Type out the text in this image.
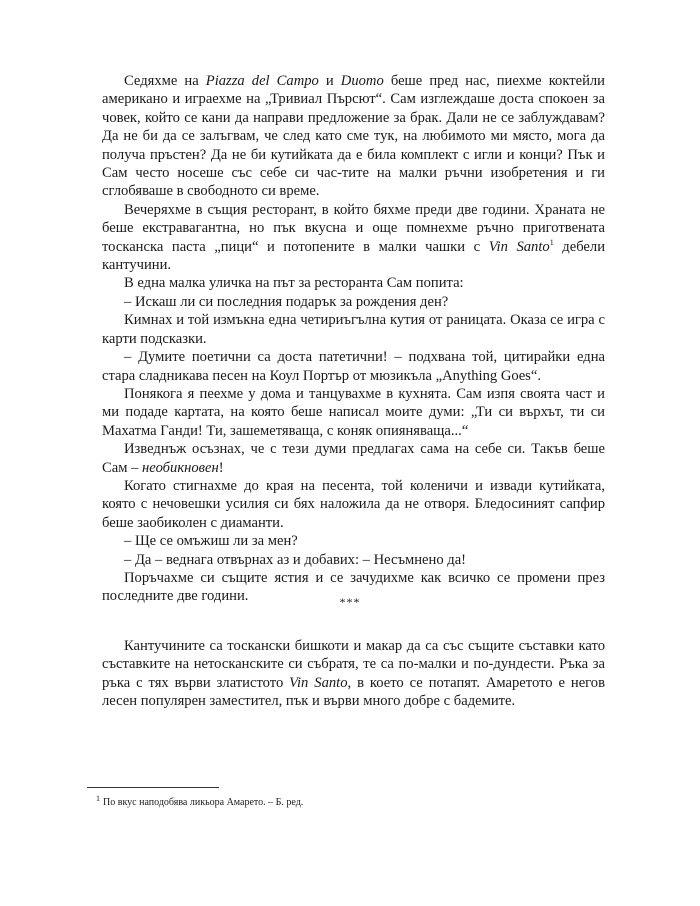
Седяхме на Piazza del Campo и Duomo беше пред нас, пиехме коктейли американо и играехме на „Тривиал Пърсют“. Сам изглеждаше доста спокоен за човек, който се кани да направи предложение за брак. Дали не се заблуждавам? Да не би да се залъгвам, че след като сме тук, на любимото ми място, мога да получа пръстен? Да не би кутийката да е била комплект с игли и конци? Пък и Сам често носеше със себе си час-тите на малки ръчни изобретения и ги сглобяваше в свободното си време.

Вечеряхме в същия ресторант, в който бяхме преди две години. Храната не беше екстравагантна, но пък вкусна и още помнехме ръчно приготвената тосканска паста „пици“ и потопените в малки чашки с Vin Santo$^1$ дебели кантучини.

В една малка уличка на път за ресторанта Сам попита:

– Искаш ли си последния подарък за рождения ден?

Кимнах и той измъкна една четириъгълна кутия от раницата. Оказа се игра с карти подсказки.

– Думите поетични са доста патетични! – подхвана той, цитирайки една стара сладникава песен на Коул Портър от мюзикъла „Anything Goes“.

Понякога я пеехме у дома и танцувахме в кухнята. Сам изпя своята част и ми подаде картата, на която беше написал моите думи: „Ти си върхът, ти си Махатма Ганди! Ти, зашеметяваща, с коняк опияняваща...“

Изведнъж осъзнах, че с тези думи предлагах сама на себе си. Такъв беше Сам – необикновен!

Когато стигнахме до края на песента, той коленичи и извади кутийката, която с нечовешки усилия си бях наложила да не отворя. Бледосиният сапфир беше заобиколен с диаманти.

– Ще се омъжиш ли за мен?

– Да – веднага отвърнах аз и добавих: – Несъмнено да!

Поръчахме си същите ястия и се зачудихме как всичко се промени през последните две години.	***

Кантучините са тоскански бишкоти и макар да са със същите съставки като съставките на нетосканските си събратя, те са по-малки и по-дундести. Ръка за ръка с тях върви златистото Vin Santo, в което се потапят. Амаретото е негов лесен популярен заместител, пък и върви много добре с бадемите.

$^1$ По вкус наподобява ликьора Амарето. – Б. ред.
